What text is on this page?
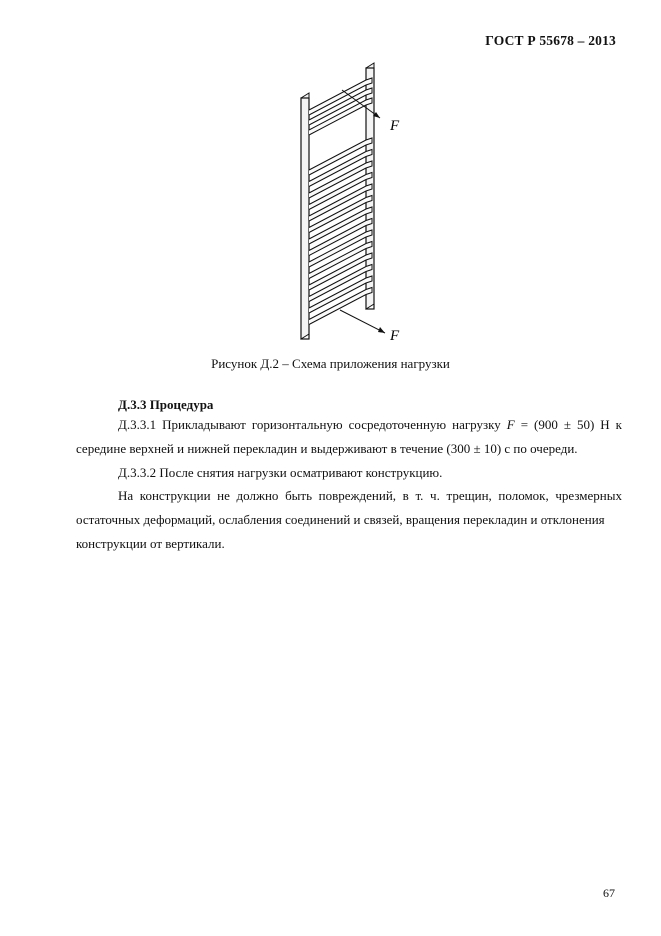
ГОСТ Р 55678 – 2013
F
F
Рисунок Д.2 – Схема приложения нагрузки
Д.3.3 Процедура
Д.3.3.1 Прикладывают горизонтальную сосредоточенную нагрузку F = (900 ± 50) Н к
середине верхней и нижней перекладин и выдерживают в течение (300 ± 10) с по очереди.
Д.3.3.2 После снятия нагрузки осматривают конструкцию.
На конструкции не должно быть повреждений, в т. ч. трещин, поломок, чрезмерных
остаточных деформаций, ослабления соединений и связей, вращения перекладин и отклонения
конструкции от вертикали.
67
